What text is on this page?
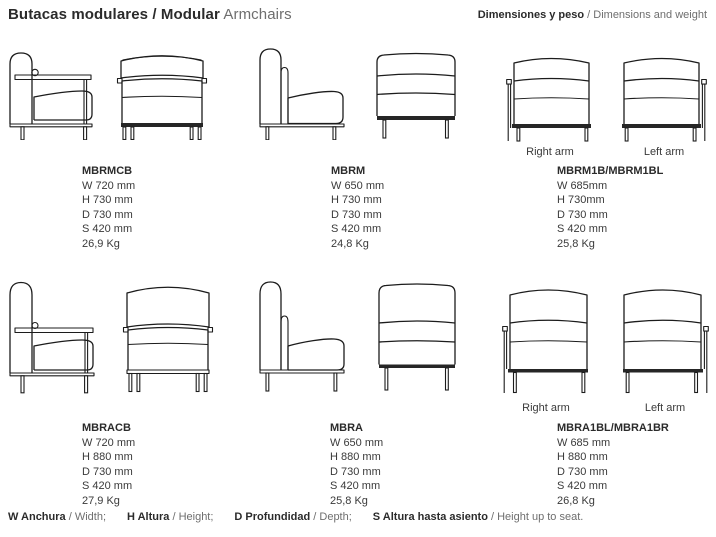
Butacas modulares / Modular Armchairs	Dimensiones y peso / Dimensions and weight
Right arm	Left arm
MBRMCB
W 720 mm
H 730 mm
D 730 mm
S 420 mm
26,9 Kg
MBRM
W 650 mm
H 730 mm
D 730 mm
S 420 mm
24,8 Kg
MBRM1B/MBRM1BL
W 685mm
H 730mm
D 730 mm
S 420 mm
25,8 Kg
Right arm	Left arm
MBRACB
W 720 mm
H 880 mm
D 730 mm
S 420 mm
27,9 Kg
MBRA
W 650 mm
H 880 mm
D 730 mm
S 420 mm
25,8 Kg
MBRA1BL/MBRA1BR
W 685 mm
H 880 mm
D 730 mm
S 420 mm
26,8 Kg
W Anchura / Width; H Altura / Height; D Profundidad / Depth; S Altura hasta asiento / Height up to seat.
